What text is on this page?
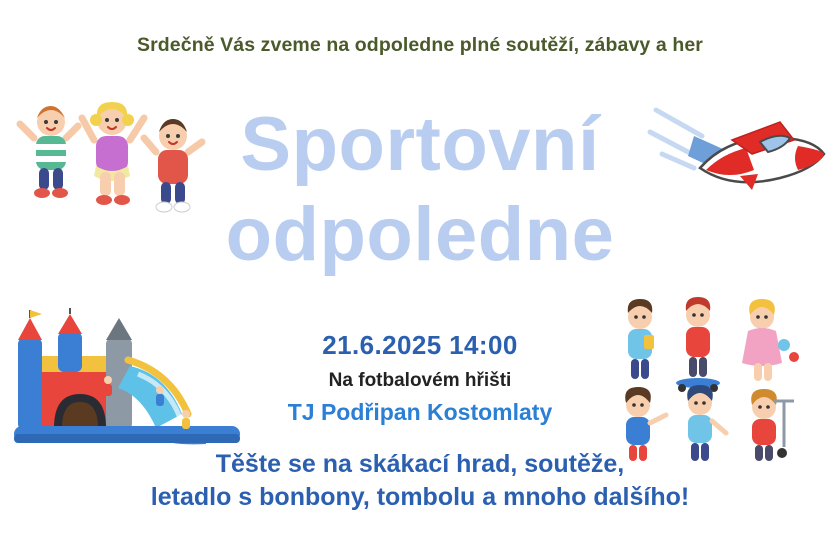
Srdečně Vás zveme na odpoledne plné soutěží, zábavy a her
Sportovní
odpoledne
21.6.2025 14:00
Na fotbalovém hřišti
TJ Podřipan Kostomlaty
Těšte se na skákací hrad, soutěže,
letadlo s bonbony, tombolu a mnoho dalšího!
